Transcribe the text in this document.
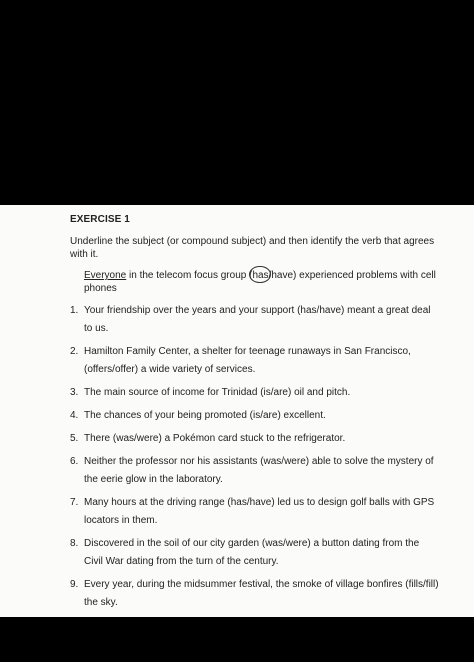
EXERCISE 1
Underline the subject (or compound subject) and then identify the verb that agrees with it.
Everyone in the telecom focus group (has/have) experienced problems with cell phones
1. Your friendship over the years and your support (has/have) meant a great deal to us.
2. Hamilton Family Center, a shelter for teenage runaways in San Francisco, (offers/offer) a wide variety of services.
3. The main source of income for Trinidad (is/are) oil and pitch.
4. The chances of your being promoted (is/are) excellent.
5. There (was/were) a Pokémon card stuck to the refrigerator.
6. Neither the professor nor his assistants (was/were) able to solve the mystery of the eerie glow in the laboratory.
7. Many hours at the driving range (has/have) led us to design golf balls with GPS locators in them.
8. Discovered in the soil of our city garden (was/were) a button dating from the Civil War dating from the turn of the century.
9. Every year, during the midsummer festival, the smoke of village bonfires (fills/fill) the sky.
